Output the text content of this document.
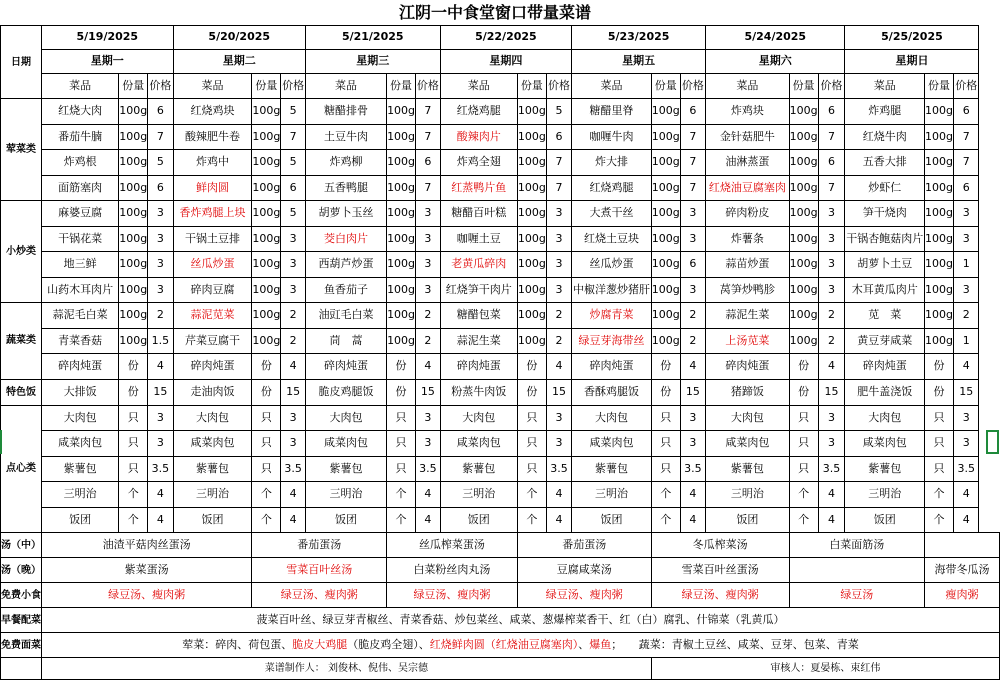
江阴一中食堂窗口带量菜谱
日期	5/19/2025			5/20/2025			5/21/2025			5/22/2025			5/23/2025			5/24/2025			5/25/2025		
	星期一			星期二			星期三			星期四			星期五			星期六			星期日		
	菜品	份量	价格	菜品	份量	价格	菜品	份量	价格	菜品	份量	价格	菜品	份量	价格	菜品	份量	价格	菜品	份量	价格
荤菜类	红烧大肉	100g	6	红烧鸡块	100g	5	糖醋排骨	100g	7	红烧鸡腿	100g	5	糖醋里脊	100g	6	炸鸡块	100g	6	炸鸡腿	100g	6
	番茄牛腩	100g	7	酸辣肥牛卷	100g	7	土豆牛肉	100g	7	酸辣肉片	100g	6	咖喱牛肉	100g	7	金针菇肥牛	100g	7	红烧牛肉	100g	7
	炸鸡根	100g	5	炸鸡中	100g	5	炸鸡柳	100g	6	炸鸡全翅	100g	7	炸大排	100g	7	油淋蒸蛋	100g	6	五香大排	100g	7
	面筋塞肉	100g	6	鲜肉圆	100g	6	五香鸭腿	100g	7	红蒸鸭片鱼	100g	7	红烧鸡腿	100g	7	红烧油豆腐塞肉	100g	7	炒虾仁	100g	6
小炒类	麻婆豆腐	100g	3	香炸鸡腿上块	100g	5	胡萝卜玉丝	100g	3	糖醋百叶糕	100g	3	大煮干丝	100g	3	碎肉粉皮	100g	3	笋干烧肉	100g	3
	干锅花菜	100g	3	干锅土豆排	100g	3	茭白肉片	100g	3	咖喱土豆	100g	3	红烧土豆块	100g	3	炸薯条	100g	3	干锅杏鲍菇肉片	100g	3
	地三鲜	100g	3	丝瓜炒蛋	100g	3	西葫芦炒蛋	100g	3	老黄瓜碎肉	100g	3	丝瓜炒蛋	100g	6	蒜苗炒蛋	100g	3	胡萝卜土豆	100g	1
	山药木耳肉片	100g	3	碎肉豆腐	100g	3	鱼香茄子	100g	3	红烧笋干肉片	100g	3	中椒洋葱炒猪肝	100g	3	莴笋炒鸭胗	100g	3	木耳黄瓜肉片	100g	3
蔬菜类	蒜泥毛白菜	100g	2	蒜泥苋菜	100g	2	油豇毛白菜	100g	2	糖醋包菜	100g	2	炒腐青菜	100g	2	蒜泥生菜	100g	2	苋　菜	100g	2
	青菜香菇	100g	1.5	芹菜豆腐干	100g	2	茼　蒿	100g	2	蒜泥生菜	100g	2	绿豆芽海带丝	100g	2	上汤苋菜	100g	2	黄豆芽咸菜	100g	1
	碎肉炖蛋	份	4	碎肉炖蛋	份	4	碎肉炖蛋	份	4	碎肉炖蛋	份	4	碎肉炖蛋	份	4	碎肉炖蛋	份	4	碎肉炖蛋	份	4
特色饭	大排饭	份	15	走油肉饭	份	15	脆皮鸡腿饭	份	15	粉蒸牛肉饭	份	15	香酥鸡腿饭	份	15	猪蹄饭	份	15	肥牛盖浇饭	份	15
点心类	大肉包	只	3	大肉包	只	3	大肉包	只	3	大肉包	只	3	大肉包	只	3	大肉包	只	3	大肉包	只	3
	咸菜肉包	只	3	咸菜肉包	只	3	咸菜肉包	只	3	咸菜肉包	只	3	咸菜肉包	只	3	咸菜肉包	只	3	咸菜肉包	只	3
	紫薯包	只	3.5	紫薯包	只	3.5	紫薯包	只	3.5	紫薯包	只	3.5	紫薯包	只	3.5	紫薯包	只	3.5	紫薯包	只	3.5
	三明治	个	4	三明治	个	4	三明治	个	4	三明治	个	4	三明治	个	4	三明治	个	4	三明治	个	4
	饭团	个	4	饭团	个	4	饭团	个	4	饭团	个	4	饭团	个	4	饭团	个	4	饭团	个	4
汤（中）	油渣平菇肉丝蛋汤				番茄蛋汤			丝瓜榨菜蛋汤			番茄蛋汤			冬瓜榨菜汤			白菜面筋汤				
汤（晚）	紫菜蛋汤				雪菜百叶丝汤			白菜粉丝肉丸汤			豆腐咸菜汤			雪菜百叶丝蛋汤						海带冬瓜汤	
免费小食	绿豆汤、瘦肉粥				绿豆汤、瘦肉粥			绿豆汤、瘦肉粥			绿豆汤、瘦肉粥			绿豆汤、瘦肉粥			绿豆汤			瘦肉粥	
早餐配菜	菠菜百叶丝、绿豆芽青椒丝、青菜香菇、炒包菜丝、咸菜、葱爆榨菜香干、红（白）腐乳、什锦菜（乳黄瓜）																				
免费面菜	荤菜：碎肉、荷包蛋、脆皮大鸡腿（脆皮鸡全翅）、红烧鲜肉圆（红烧油豆腐塞肉）、爆鱼；　　蔬菜：青椒土豆丝、咸菜、豆芽、包菜、青菜																				
	菜谱制作人： 刘俊林、倪伟、吴宗德													审核人：夏晏栋、束红伟							
